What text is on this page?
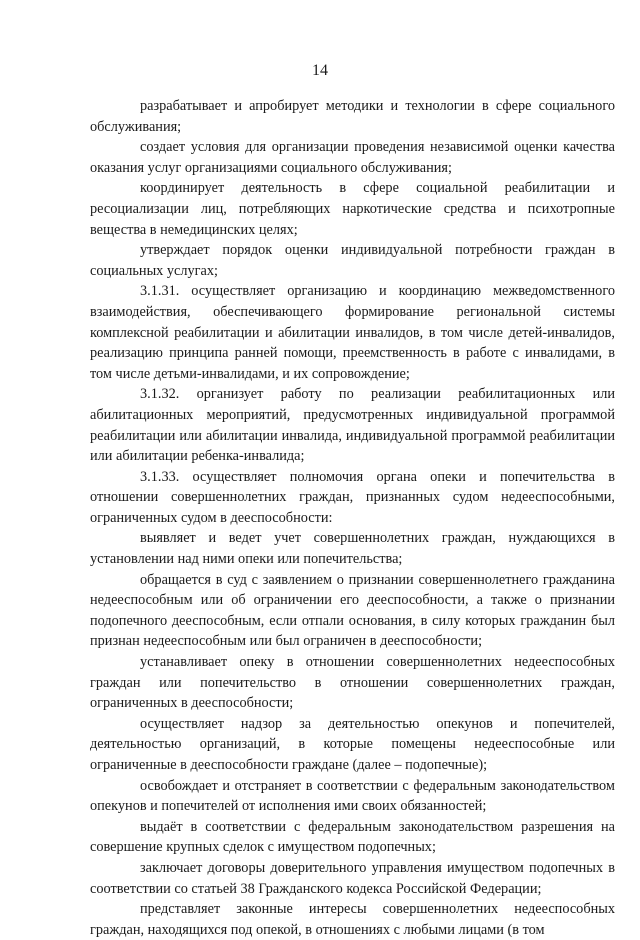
14

разрабатывает и апробирует методики и технологии в сфере социального обслуживания;

создает условия для организации проведения независимой оценки качества оказания услуг организациями социального обслуживания;

координирует деятельность в сфере социальной реабилитации и ресоциализации лиц, потребляющих наркотические средства и психотропные вещества в немедицинских целях;

утверждает порядок оценки индивидуальной потребности граждан в социальных услугах;

3.1.31. осуществляет организацию и координацию межведомственного взаимодействия, обеспечивающего формирование региональной системы комплексной реабилитации и абилитации инвалидов, в том числе детей-инвалидов, реализацию принципа ранней помощи, преемственность в работе с инвалидами, в том числе детьми-инвалидами, и их сопровождение;

3.1.32. организует работу по реализации реабилитационных или абилитационных мероприятий, предусмотренных индивидуальной программой реабилитации или абилитации инвалида, индивидуальной программой реабилитации или абилитации ребенка-инвалида;

3.1.33. осуществляет полномочия органа опеки и попечительства в отношении совершеннолетних граждан, признанных судом недееспособными, ограниченных судом в дееспособности:

выявляет и ведет учет совершеннолетних граждан, нуждающихся в установлении над ними опеки или попечительства;

обращается в суд с заявлением о признании совершеннолетнего гражданина недееспособным или об ограничении его дееспособности, а также о признании подопечного дееспособным, если отпали основания, в силу которых гражданин был признан недееспособным или был ограничен в дееспособности;

устанавливает опеку в отношении совершеннолетних недееспособных граждан или попечительство в отношении совершеннолетних граждан, ограниченных в дееспособности;

осуществляет надзор за деятельностью опекунов и попечителей, деятельностью организаций, в которые помещены недееспособные или ограниченные в дееспособности граждане (далее – подопечные);

освобождает и отстраняет в соответствии с федеральным законодательством опекунов и попечителей от исполнения ими своих обязанностей;

выдаёт в соответствии с федеральным законодательством разрешения на совершение крупных сделок с имуществом подопечных;

заключает договоры доверительного управления имуществом подопечных в соответствии со статьей 38 Гражданского кодекса Российской Федерации;

представляет законные интересы совершеннолетних недееспособных граждан, находящихся под опекой, в отношениях с любыми лицами (в том
